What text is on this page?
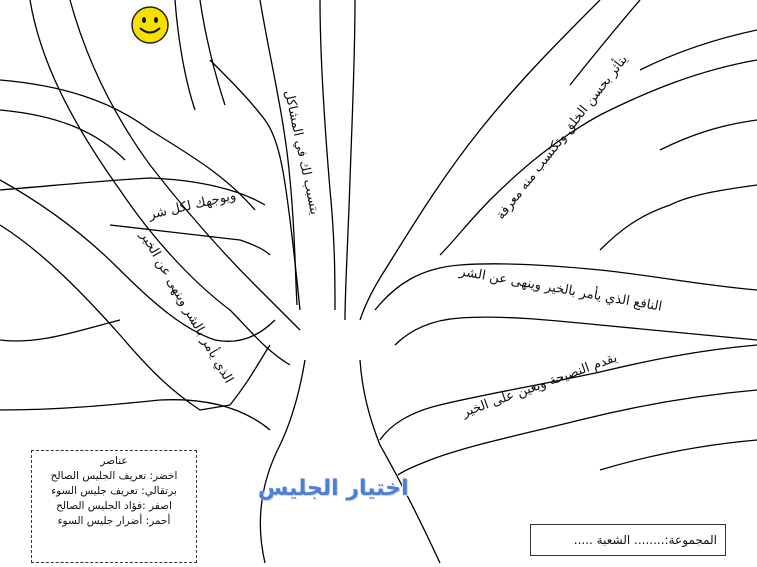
يتسبب لك في المشاكل	يتأثر بحسن الخلق وتكتسب منه معرفة
ويوجهك لكل شر
الذي يأمر بالشر وينهى عن الخير	النافع الذي يأمر بالخير وينهى عن الشر
يقدم النصيحة ويعين على الخير
اختيار الجليس
عناصر
اخضر: تعريف الجليس الصالح
برتقالي: تعريف جليس السوء
اصفر :فؤاد الجليس الصالح
أحمر: أضرار جليس السوء
المجموعة:........ الشعبة .....
